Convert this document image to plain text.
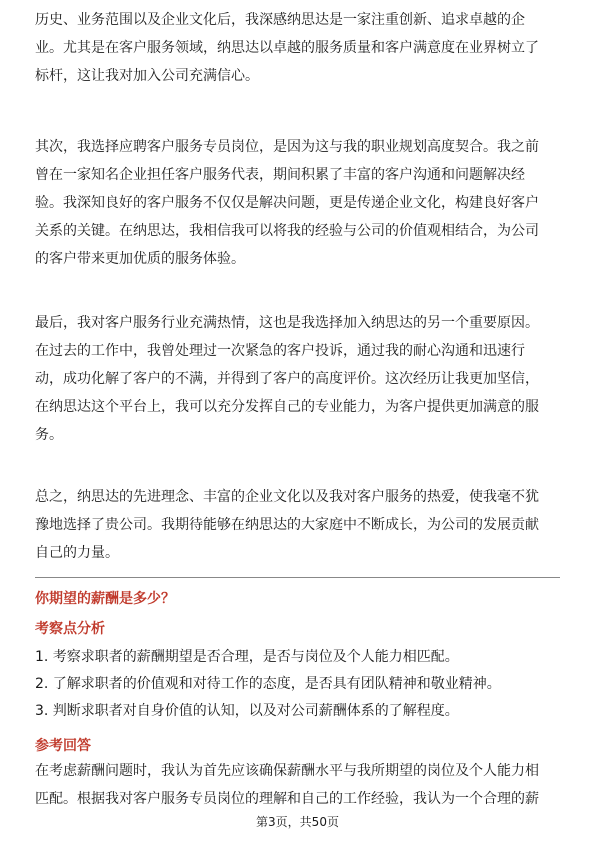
历史、业务范围以及企业文化后，我深感纳思达是一家注重创新、追求卓越的企
业。尤其是在客户服务领域，纳思达以卓越的服务质量和客户满意度在业界树立了
标杆，这让我对加入公司充满信心。
其次，我选择应聘客户服务专员岗位，是因为这与我的职业规划高度契合。我之前
曾在一家知名企业担任客户服务代表，期间积累了丰富的客户沟通和问题解决经
验。我深知良好的客户服务不仅仅是解决问题，更是传递企业文化，构建良好客户
关系的关键。在纳思达，我相信我可以将我的经验与公司的价值观相结合，为公司
的客户带来更加优质的服务体验。
最后，我对客户服务行业充满热情，这也是我选择加入纳思达的另一个重要原因。
在过去的工作中，我曾处理过一次紧急的客户投诉，通过我的耐心沟通和迅速行
动，成功化解了客户的不满，并得到了客户的高度评价。这次经历让我更加坚信，
在纳思达这个平台上，我可以充分发挥自己的专业能力，为客户提供更加满意的服
务。
总之，纳思达的先进理念、丰富的企业文化以及我对客户服务的热爱，使我毫不犹
豫地选择了贵公司。我期待能够在纳思达的大家庭中不断成长，为公司的发展贡献
自己的力量。
你期望的薪酬是多少？
考察点分析
1. 考察求职者的薪酬期望是否合理，是否与岗位及个人能力相匹配。
2. 了解求职者的价值观和对待工作的态度，是否具有团队精神和敬业精神。
3. 判断求职者对自身价值的认知，以及对公司薪酬体系的了解程度。
参考回答
在考虑薪酬问题时，我认为首先应该确保薪酬水平与我所期望的岗位及个人能力相
匹配。根据我对客户服务专员岗位的理解和自己的工作经验，我认为一个合理的薪
第3页，共50页
